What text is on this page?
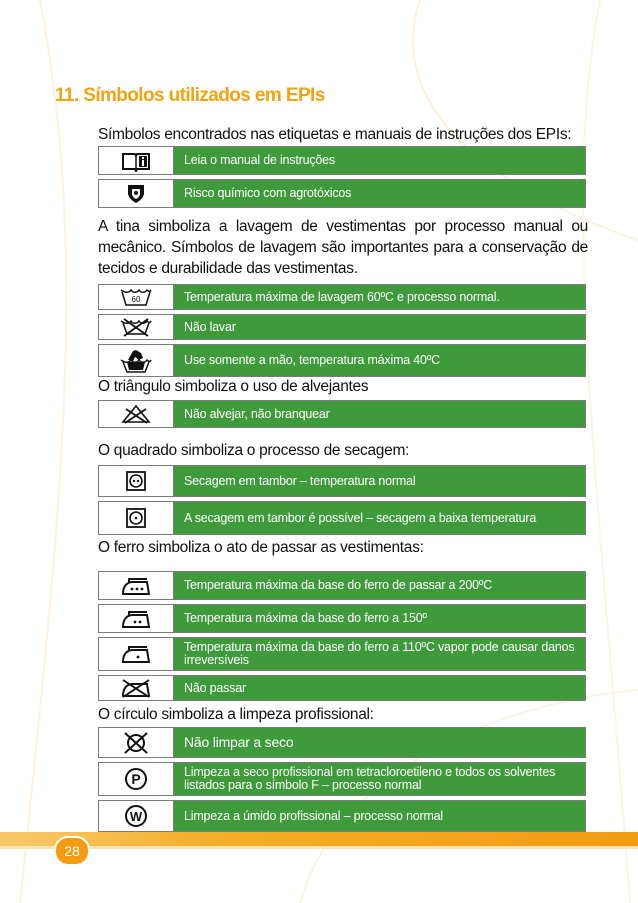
11. Símbolos utilizados em EPIs

Símbolos encontrados nas etiquetas e manuais de instruções dos EPIs:

Leia o manual de instruções
Risco químico com agrotóxicos

A tina simboliza a lavagem de vestimentas por processo manual ou mecânico. Símbolos de lavagem são importantes para a conservação de tecidos e durabilidade das vestimentas.

60	Temperatura máxima de lavagem 60ºC e processo normal.
Não lavar
Use somente a mão, temperatura máxima 40ºC

O triângulo simboliza o uso de alvejantes

Não alvejar, não branquear

O quadrado simboliza o processo de secagem:

Secagem em tambor – temperatura normal
A secagem em tambor é possível – secagem a baixa temperatura

O ferro simboliza o ato de passar as vestimentas:

Temperatura máxima da base do ferro de passar a 200ºC
Temperatura máxima da base do ferro a 150º
Temperatura máxima da base do ferro a 110ºC vapor pode causar danos irreversíveis
Não passar

O círculo simboliza a limpeza profissional:

Não limpar a seco
P	Limpeza a seco profissional em tetracloroetileno e todos os solventes listados para o símbolo F – processo normal
W	Limpeza a úmido profissional – processo normal
28
